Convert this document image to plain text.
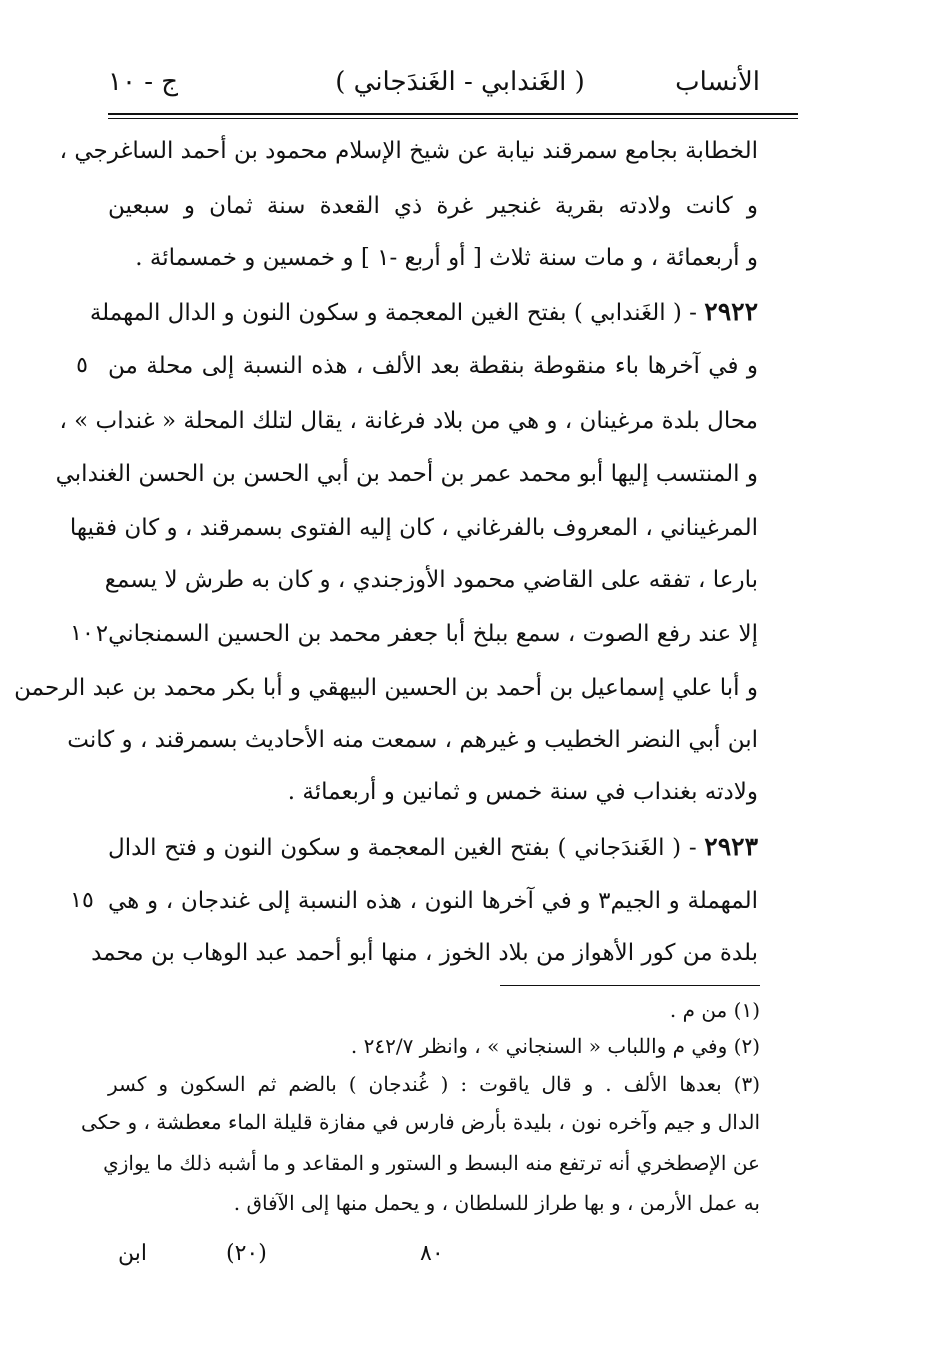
الأنساب
( الغَندابي - الغَندَجاني )
ج - ١٠
الخطابة بجامع سمرقند نيابة عن شيخ الإسلام محمود بن أحمد الساغرجي ،
و كانت ولادته بقرية غنجير غرة ذي القعدة سنة ثمان و سبعين
و أربعمائة ، و مات سنة ثلاث [ أو أربع -١ ] و خمسين و خمسمائة .
٢٩٢٢ - ( الغَندابي ) بفتح الغين المعجمة و سكون النون و الدال المهملة
و في آخرها باء منقوطة بنقطة بعد الألف ، هذه النسبة إلى محلة من
٥
محال بلدة مرغينان ، و هي من بلاد فرغانة ، يقال لتلك المحلة « غنداب » ،
و المنتسب إليها أبو محمد عمر بن أحمد بن أبي الحسن بن الحسن الغندابي
المرغيناني ، المعروف بالفرغاني ، كان إليه الفتوى بسمرقند ، و كان فقيها
بارعا ، تفقه على القاضي محمود الأوزجندي ، و كان به طرش لا يسمع
إلا عند رفع الصوت ، سمع ببلخ أبا جعفر محمد بن الحسين السمنجاني٢
١٠
و أبا علي إسماعيل بن أحمد بن الحسين البيهقي و أبا بكر محمد بن عبد الرحمن
ابن أبي النضر الخطيب و غيرهم ، سمعت منه الأحاديث بسمرقند ، و كانت
ولادته بغنداب في سنة خمس و ثمانين و أربعمائة .
٢٩٢٣ - ( الغَندَجاني ) بفتح الغين المعجمة و سكون النون و فتح الدال
المهملة و الجيم٣ و في آخرها النون ، هذه النسبة إلى غندجان ، و هي
١٥
بلدة من كور الأهواز من بلاد الخوز ، منها أبو أحمد عبد الوهاب بن محمد
(١) من م .
(٢) وفي م واللباب « السنجاني » ، وانظر ٢٤٢/٧ .
(٣) بعدها الألف . و قال ياقوت : ( غُندجان ) بالضم ثم السكون و كسر
الدال و جيم وآخره نون ، بليدة بأرض فارس في مفازة قليلة الماء معطشة ، و حكى
عن الإصطخري أنه ترتفع منه البسط و الستور و المقاعد و ما أشبه ذلك ما يوازي
به عمل الأرمن ، و بها طراز للسلطان ، و يحمل منها إلى الآفاق .
٨٠
(٢٠)
ابن
